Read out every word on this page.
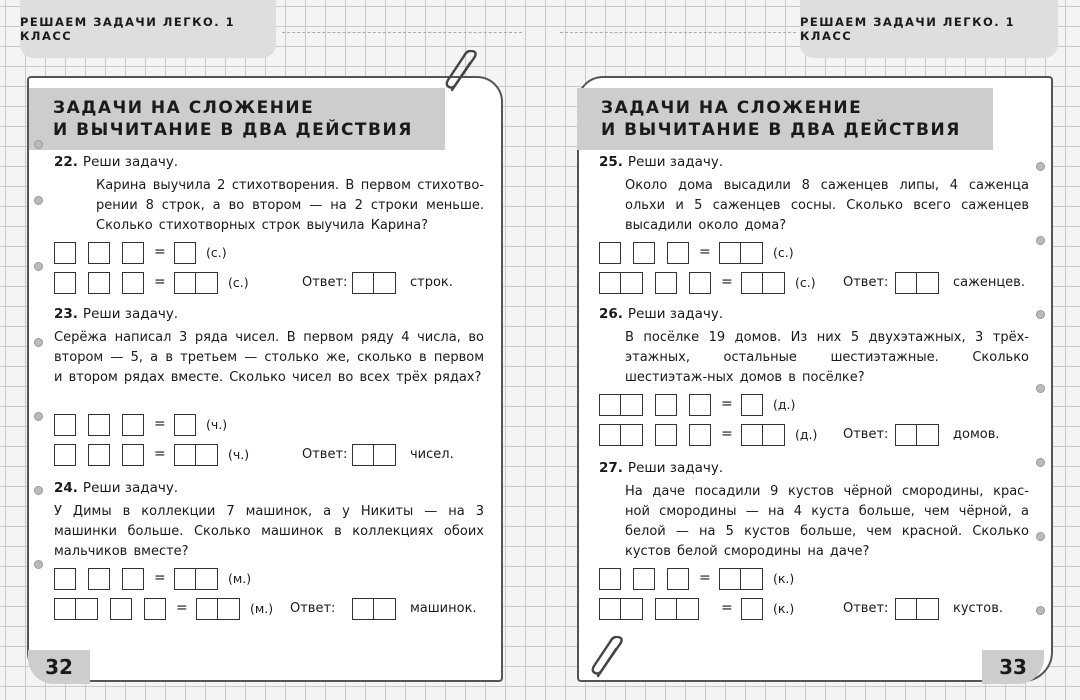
РЕШАЕМ ЗАДАЧИ ЛЕГКО. 1 КЛАСС
РЕШАЕМ ЗАДАЧИ ЛЕГКО. 1 КЛАСС
ЗАДАЧИ НА СЛОЖЕНИЕ
И ВЫЧИТАНИЕ В ДВА ДЕЙСТВИЯ
22. Реши задачу.
Карина выучила 2 стихотворения. В первом стихотво-рении 8 строк, а во втором — на 2 строки меньше. Сколько стихотворных строк выучила Карина?
=	(с.)
=	(с.)	Ответ:	строк.
23. Реши задачу.
Серёжа написал 3 ряда чисел. В первом ряду 4 числа, во втором — 5, а в третьем — столько же, сколько в первом и втором рядах вместе. Сколько чисел во всех трёх рядах?
=	(ч.)
=	(ч.)	Ответ:	чисел.
24. Реши задачу.
У Димы в коллекции 7 машинок, а у Никиты — на 3 машинки больше. Сколько машинок в коллекциях обоих мальчиков вместе?
=	(м.)
=	(м.) Ответ:	машинок.
32
ЗАДАЧИ НА СЛОЖЕНИЕ
И ВЫЧИТАНИЕ В ДВА ДЕЙСТВИЯ
25. Реши задачу.
Около дома высадили 8 саженцев липы, 4 саженца ольхи и 5 саженцев сосны. Сколько всего саженцев высадили около дома?
=	(с.)
=	(с.) Ответ:	саженцев.
26. Реши задачу.
В посёлке 19 домов. Из них 5 двухэтажных, 3 трёх-этажных, остальные шестиэтажные. Сколько шестиэтаж-ных домов в посёлке?
=	(д.)
=	(д.) Ответ:	домов.
27. Реши задачу.
На даче посадили 9 кустов чёрной смородины, крас-ной смородины — на 4 куста больше, чем чёрной, а белой — на 5 кустов больше, чем красной. Сколько кустов белой смородины на даче?
=	(к.)
=	(к.)	Ответ:	кустов.
33
